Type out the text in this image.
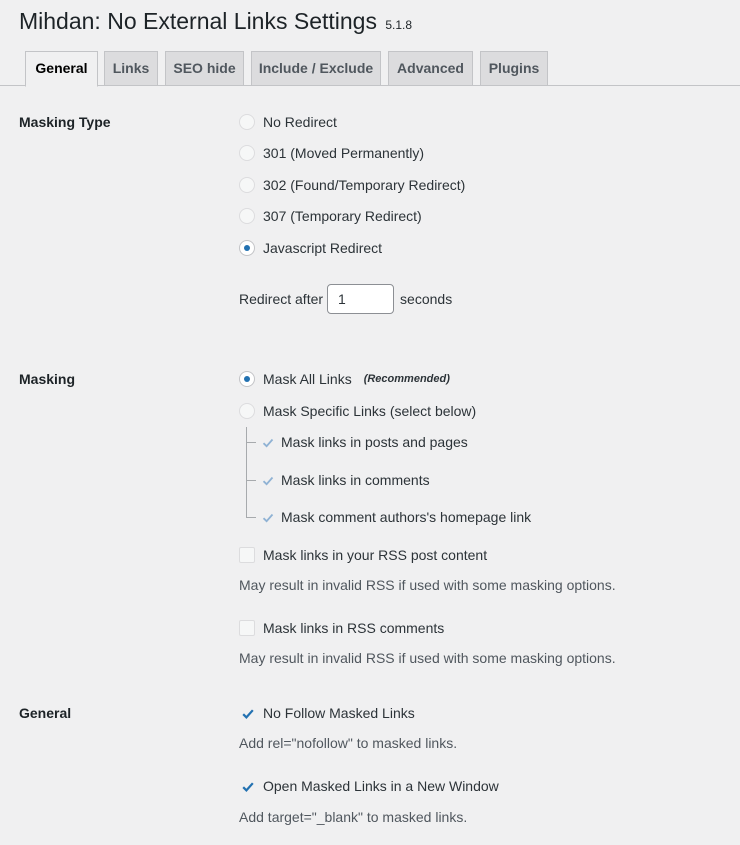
Mihdan: No External Links Settings 5.1.8
General	Links	SEO hide	Include / Exclude	Advanced	Plugins
Masking Type	No Redirect
301 (Moved Permanently)
302 (Found/Temporary Redirect)
307 (Temporary Redirect)
Javascript Redirect
Redirect after
1	seconds
Masking	Mask All Links (Recommended)
Mask Specific Links (select below)
Mask links in posts and pages
Mask links in comments
Mask comment authors's homepage link
Mask links in your RSS post content
May result in invalid RSS if used with some masking options.
Mask links in RSS comments
May result in invalid RSS if used with some masking options.
General	No Follow Masked Links
Add rel="nofollow" to masked links.
Open Masked Links in a New Window
Add target="_blank" to masked links.
